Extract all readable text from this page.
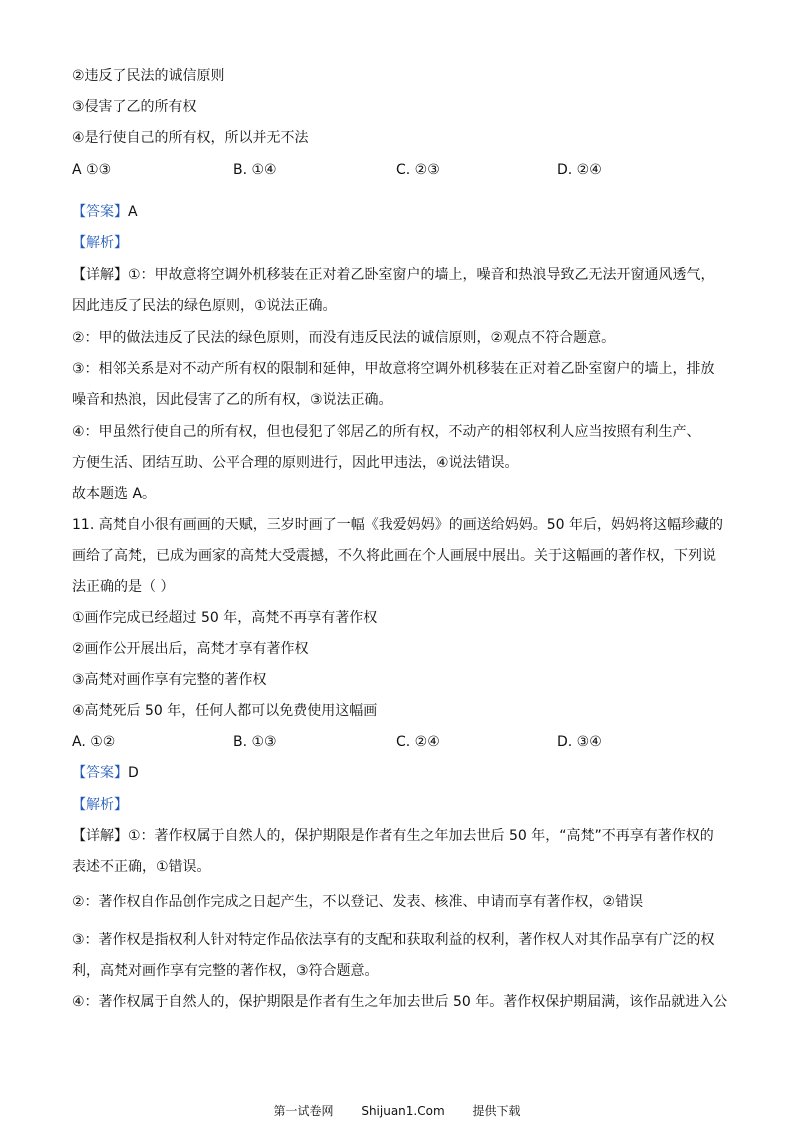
②违反了民法的诚信原则
③侵害了乙的所有权
④是行使自己的所有权，所以并无不法
A ①③	B. ①④	C. ②③	D. ②④
【答案】A
【解析】
【详解】①：甲故意将空调外机移装在正对着乙卧室窗户的墙上，噪音和热浪导致乙无法开窗通风透气，
因此违反了民法的绿色原则，①说法正确。
②：甲的做法违反了民法的绿色原则，而没有违反民法的诚信原则，②观点不符合题意。
③：相邻关系是对不动产所有权的限制和延伸，甲故意将空调外机移装在正对着乙卧室窗户的墙上，排放
噪音和热浪，因此侵害了乙的所有权，③说法正确。
④：甲虽然行使自己的所有权，但也侵犯了邻居乙的所有权，不动产的相邻权利人应当按照有利生产、
方便生活、团结互助、公平合理的原则进行，因此甲违法，④说法错误。
故本题选 A。
11. 高梵自小很有画画的天赋，三岁时画了一幅《我爱妈妈》的画送给妈妈。50 年后，妈妈将这幅珍藏的
画给了高梵，已成为画家的高梵大受震撼，不久将此画在个人画展中展出。关于这幅画的著作权，下列说
法正确的是（ ）
①画作完成已经超过 50 年，高梵不再享有著作权
②画作公开展出后，高梵才享有著作权
③高梵对画作享有完整的著作权
④高梵死后 50 年，任何人都可以免费使用这幅画
A. ①②	B. ①③	C. ②④	D. ③④
【答案】D
【解析】
【详解】①：著作权属于自然人的，保护期限是作者有生之年加去世后 50 年，“高梵”不再享有著作权的
表述不正确，①错误。
②：著作权自作品创作完成之日起产生，不以登记、发表、核准、申请而享有著作权，②错误
③：著作权是指权利人针对特定作品依法享有的支配和获取利益的权利，著作权人对其作品享有广泛的权
利，高梵对画作享有完整的著作权，③符合题意。
④：著作权属于自然人的，保护期限是作者有生之年加去世后 50 年。著作权保护期届满，该作品就进入公
第一试卷网 Shijuan1.Com 提供下载
